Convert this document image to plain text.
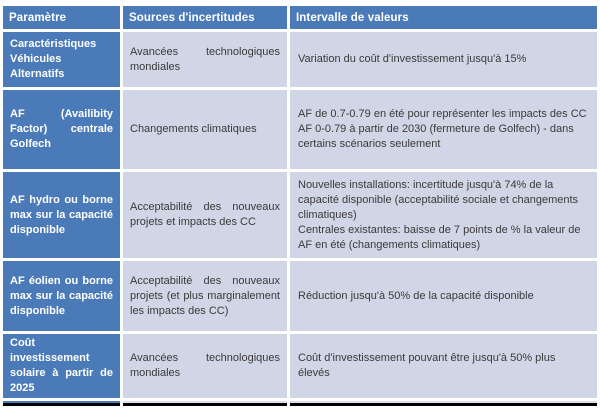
Paramètre	Sources d'incertitudes	Intervalle de valeurs
Caractéristiques Véhicules Alternatifs	Avancées technologiques mondiales	Variation du coût d'investissement jusqu'à 15%

AF (Availibity Factor) centrale Golfech	Changements climatiques	AF de 0.7-0.79 en été pour représenter les impacts des CC
AF 0-0.79 à partir de 2030 (fermeture de Golfech) - dans certains scénarios seulement

AF hydro ou borne max sur la capacité disponible	Acceptabilité des nouveaux projets et impacts des CC	Nouvelles installations: incertitude jusqu'à 74% de la capacité disponible (acceptabilité sociale et changements climatiques)
Centrales existantes: baisse de 7 points de % la valeur de AF en été (changements climatiques)

AF éolien ou borne max sur la capacité disponible	Acceptabilité des nouveaux projets (et plus marginalement les impacts des CC)	Réduction jusqu'à 50% de la capacité disponible

Coût investissement solaire à partir de 2025	Avancées technologiques mondiales	Coût d'investissement pouvant être jusqu'à 50% plus élevés
